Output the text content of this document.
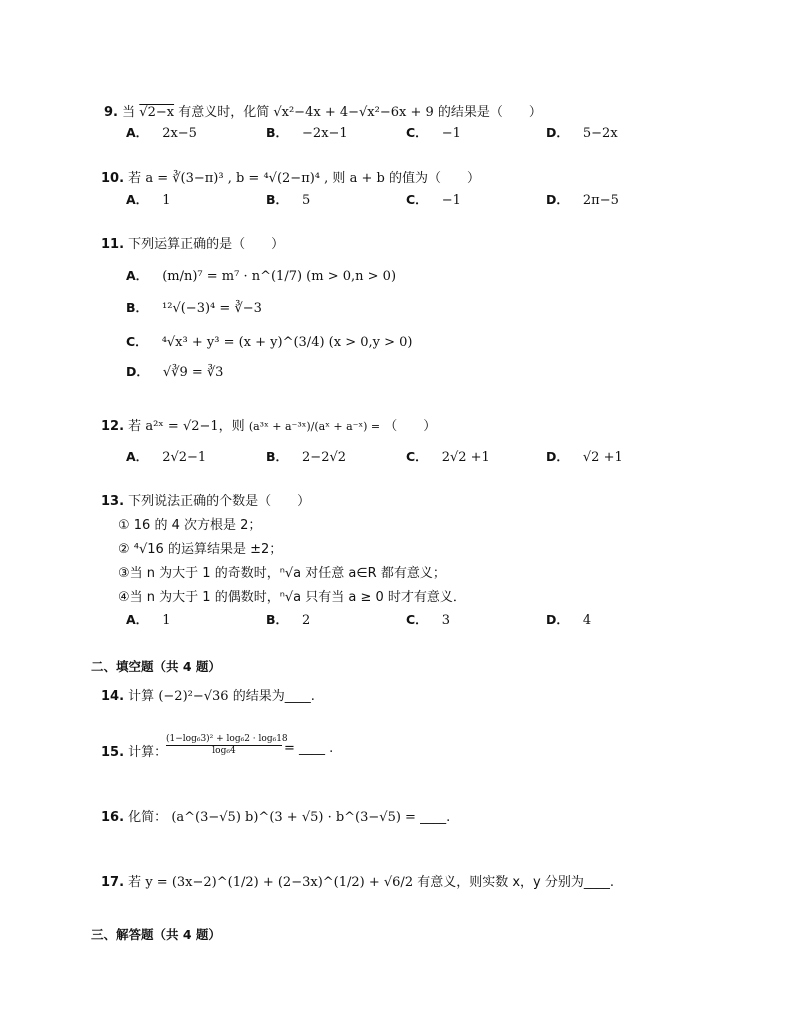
9. 当 √2−x 有意义时，化简 √x²−4x + 4−√x²−6x + 9 的结果是（　　）
A． 2x−5	B． −2x−1	C． −1	D． 5−2x
10. 若 a = ∛(3−π)³ , b = ⁴√(2−π)⁴ , 则 a + b 的值为（　　）
A． 1	B． 5	C． −1	D． 2π−5
11. 下列运算正确的是（　　）
A． (m/n)⁷ = m⁷ · n^(1/7) (m > 0,n > 0)
B． ¹²√(−3)⁴ = ∛−3
C． ⁴√x³ + y³ = (x + y)^(3/4) (x > 0,y > 0)
D． √∛9 = ∛3
12. 若 a²ˣ = √2−1，则 (a³ˣ + a⁻³ˣ)/(aˣ + a⁻ˣ) = （　　）
A． 2√2−1	B． 2−2√2	C． 2√2 +1	D． √2 +1
13. 下列说法正确的个数是（　　）
① 16 的 4 次方根是 2；
② ⁴√16 的运算结果是 ±2；
③当 n 为大于 1 的奇数时，ⁿ√a 对任意 a∈R 都有意义；
④当 n 为大于 1 的偶数时，ⁿ√a 只有当 a ≥ 0 时才有意义．
A． 1	B． 2	C． 3	D． 4
二、填空题（共 4 题）
14. 计算 (−2)²−√36 的结果为____.
15. 计算：
$\frac{\text{(1−log₆3)² + log₆2 · log₆18}}{\text{log₆4}}$ = ____ .
16. 化简： (a^(3−√5) b)^(3 + √5) · b^(3−√5) = ____.
17. 若 y = (3x−2)^(1/2) + (2−3x)^(1/2) + √6/2 有意义，则实数 x，y 分别为____.
三、解答题（共 4 题）
